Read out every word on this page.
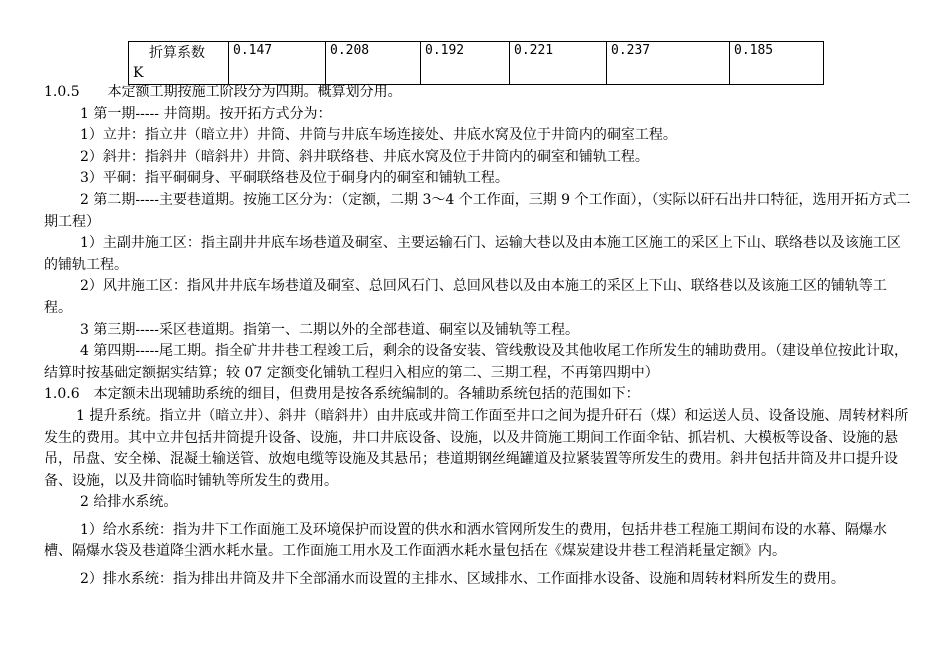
折算系数
K	0.147	0.208	0.192	0.221	0.237	0.185

1.0.5　　本定额工期按施工阶段分为四期。概算划分用。

1 第一期----- 井筒期。按开拓方式分为：

1）立井：指立井（暗立井）井筒、井筒与井底车场连接处、井底水窝及位于井筒内的硐室工程。

2）斜井：指斜井（暗斜井）井筒、斜井联络巷、井底水窝及位于井筒内的硐室和铺轨工程。

3）平硐：指平硐硐身、平硐联络巷及位于硐身内的硐室和铺轨工程。

2 第二期-----主要巷道期。按施工区分为：（定额，二期 3～4 个工作面，三期 9 个工作面），（实际以矸石出井口特征，选用开拓方式二期工程）

1）主副井施工区：指主副井井底车场巷道及硐室、主要运输石门、运输大巷以及由本施工区施工的采区上下山、联络巷以及该施工区的铺轨工程。

2）风井施工区：指风井井底车场巷道及硐室、总回风石门、总回风巷以及由本施工的采区上下山、联络巷以及该施工区的铺轨等工程。

3 第三期-----采区巷道期。指第一、二期以外的全部巷道、硐室以及铺轨等工程。

4 第四期-----尾工期。指全矿井井巷工程竣工后，剩余的设备安装、管线敷设及其他收尾工作所发生的辅助费用。（建设单位按此计取，结算时按基础定额据实结算；较 07 定额变化铺轨工程归入相应的第二、三期工程，不再第四期中）

1.0.6　本定额未出现辅助系统的细目，但费用是按各系统编制的。各辅助系统包括的范围如下：

1 提升系统。指立井（暗立井）、斜井（暗斜井）由井底或井筒工作面至井口之间为提升矸石（煤）和运送人员、设备设施、周转材料所发生的费用。其中立井包括井筒提升设备、设施，井口井底设备、设施，以及井筒施工期间工作面伞钻、抓岩机、大模板等设备、设施的悬吊，吊盘、安全梯、混凝土输送管、放炮电缆等设施及其悬吊；巷道期钢丝绳罐道及拉紧装置等所发生的费用。斜井包括井筒及井口提升设备、设施，以及井筒临时铺轨等所发生的费用。

2 给排水系统。

1）给水系统：指为井下工作面施工及环境保护而设置的供水和洒水管网所发生的费用，包括井巷工程施工期间布设的水幕、隔爆水槽、隔爆水袋及巷道降尘洒水耗水量。工作面施工用水及工作面洒水耗水量包括在《煤炭建设井巷工程消耗量定额》内。

2）排水系统：指为排出井筒及井下全部涌水而设置的主排水、区域排水、工作面排水设备、设施和周转材料所发生的费用。
